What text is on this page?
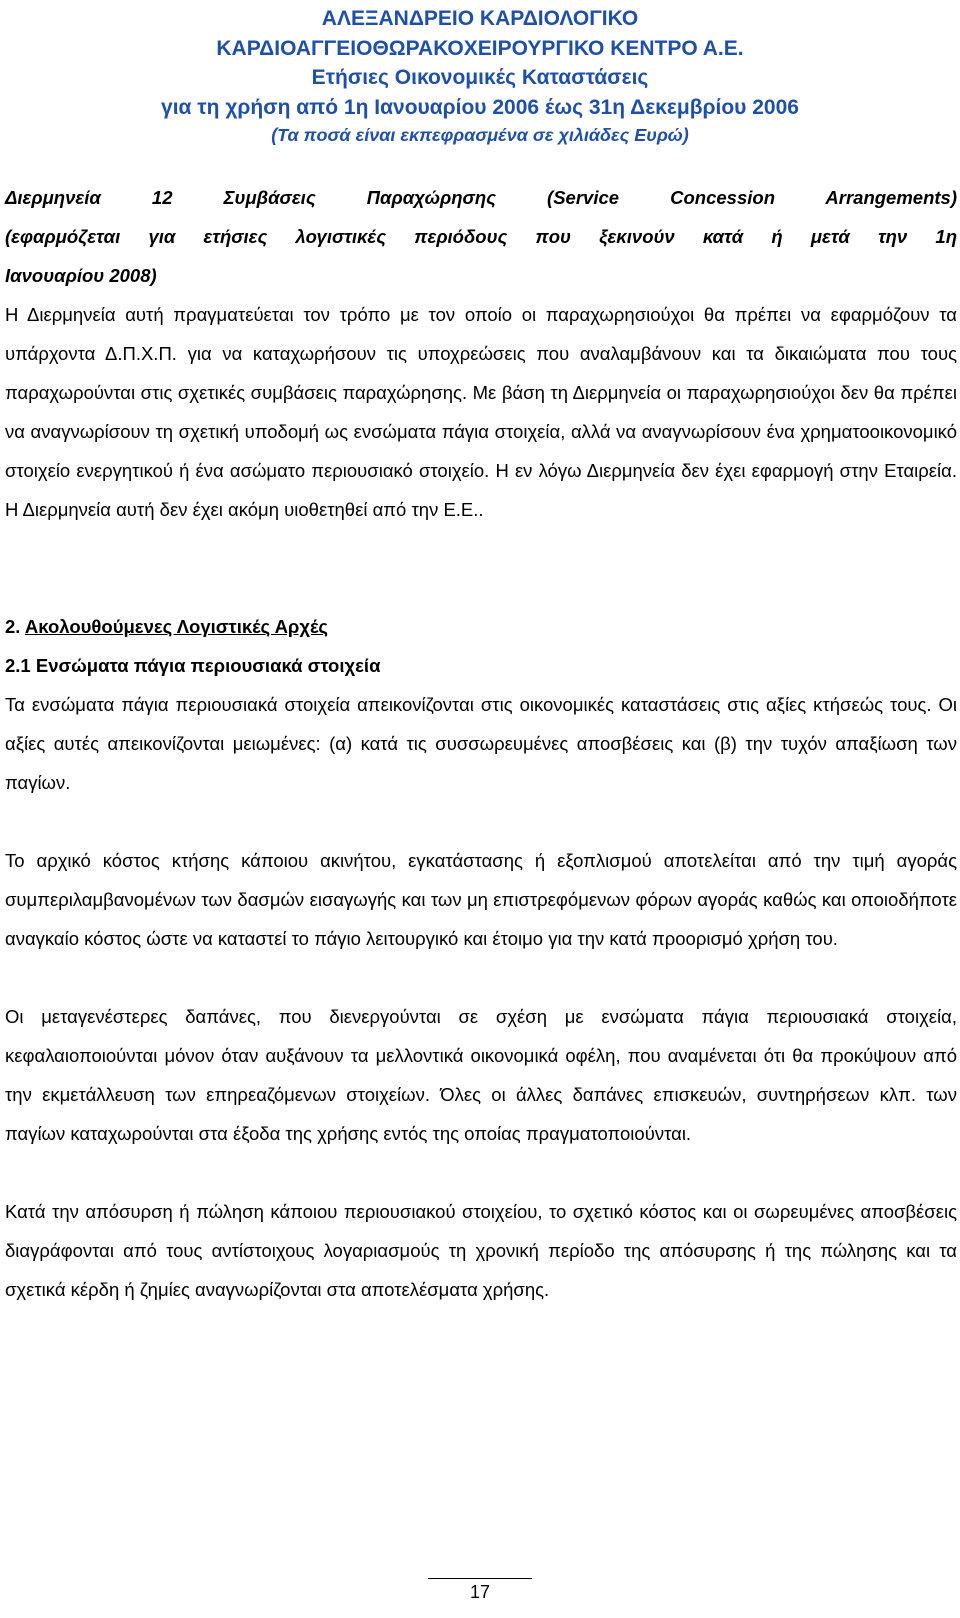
ΑΛΕΞΑΝΔΡΕΙΟ ΚΑΡΔΙΟΛΟΓΙΚΟ
ΚΑΡΔΙΟΑΓΓΕΙΟΘΩΡΑΚΟΧΕΙΡΟΥΡΓΙΚΟ ΚΕΝΤΡΟ Α.Ε.
Ετήσιες Οικονομικές Καταστάσεις
για τη χρήση από 1η Ιανουαρίου 2006 έως 31η Δεκεμβρίου 2006
(Τα ποσά είναι εκπεφρασμένα σε χιλιάδες Ευρώ)

Διερμηνεία 12 Συμβάσεις Παραχώρησης (Service Concession Arrangements)
(εφαρμόζεται για ετήσιες λογιστικές περιόδους που ξεκινούν κατά ή μετά την 1η
Ιανουαρίου 2008)

Η Διερμηνεία αυτή πραγματεύεται τον τρόπο με τον οποίο οι παραχωρησιούχοι θα πρέπει να εφαρμόζουν τα υπάρχοντα Δ.Π.Χ.Π. για να καταχωρήσουν τις υποχρεώσεις που αναλαμβάνουν και τα δικαιώματα που τους παραχωρούνται στις σχετικές συμβάσεις παραχώρησης. Με βάση τη Διερμηνεία οι παραχωρησιούχοι δεν θα πρέπει να αναγνωρίσουν τη σχετική υποδομή ως ενσώματα πάγια στοιχεία, αλλά να αναγνωρίσουν ένα χρηματοοικονομικό στοιχείο ενεργητικού ή ένα ασώματο περιουσιακό στοιχείο. Η εν λόγω Διερμηνεία δεν έχει εφαρμογή στην Εταιρεία. Η Διερμηνεία αυτή δεν έχει ακόμη υιοθετηθεί από την Ε.Ε..

2. Ακολουθούμενες Λογιστικές Αρχές

2.1 Ενσώματα πάγια περιουσιακά στοιχεία

Τα ενσώματα πάγια περιουσιακά στοιχεία απεικονίζονται στις οικονομικές καταστάσεις στις αξίες κτήσεώς τους. Οι αξίες αυτές απεικονίζονται μειωμένες: (α) κατά τις συσσωρευμένες αποσβέσεις και (β) την τυχόν απαξίωση των παγίων.

Το αρχικό κόστος κτήσης κάποιου ακινήτου, εγκατάστασης ή εξοπλισμού αποτελείται από την τιμή αγοράς συμπεριλαμβανομένων των δασμών εισαγωγής και των μη επιστρεφόμενων φόρων αγοράς καθώς και οποιοδήποτε αναγκαίο κόστος ώστε να καταστεί το πάγιο λειτουργικό και έτοιμο για την κατά προορισμό χρήση του.

Οι μεταγενέστερες δαπάνες, που διενεργούνται σε σχέση με ενσώματα πάγια περιουσιακά στοιχεία, κεφαλαιοποιούνται μόνον όταν αυξάνουν τα μελλοντικά οικονομικά οφέλη, που αναμένεται ότι θα προκύψουν από την εκμετάλλευση των επηρεαζόμενων στοιχείων. Όλες οι άλλες δαπάνες επισκευών, συντηρήσεων κλπ. των παγίων καταχωρούνται στα έξοδα της χρήσης εντός της οποίας πραγματοποιούνται.

Κατά την απόσυρση ή πώληση κάποιου περιουσιακού στοιχείου, το σχετικό κόστος και οι σωρευμένες αποσβέσεις διαγράφονται από τους αντίστοιχους λογαριασμούς τη χρονική περίοδο της απόσυρσης ή της πώλησης και τα σχετικά κέρδη ή ζημίες αναγνωρίζονται στα αποτελέσματα χρήσης.

17
